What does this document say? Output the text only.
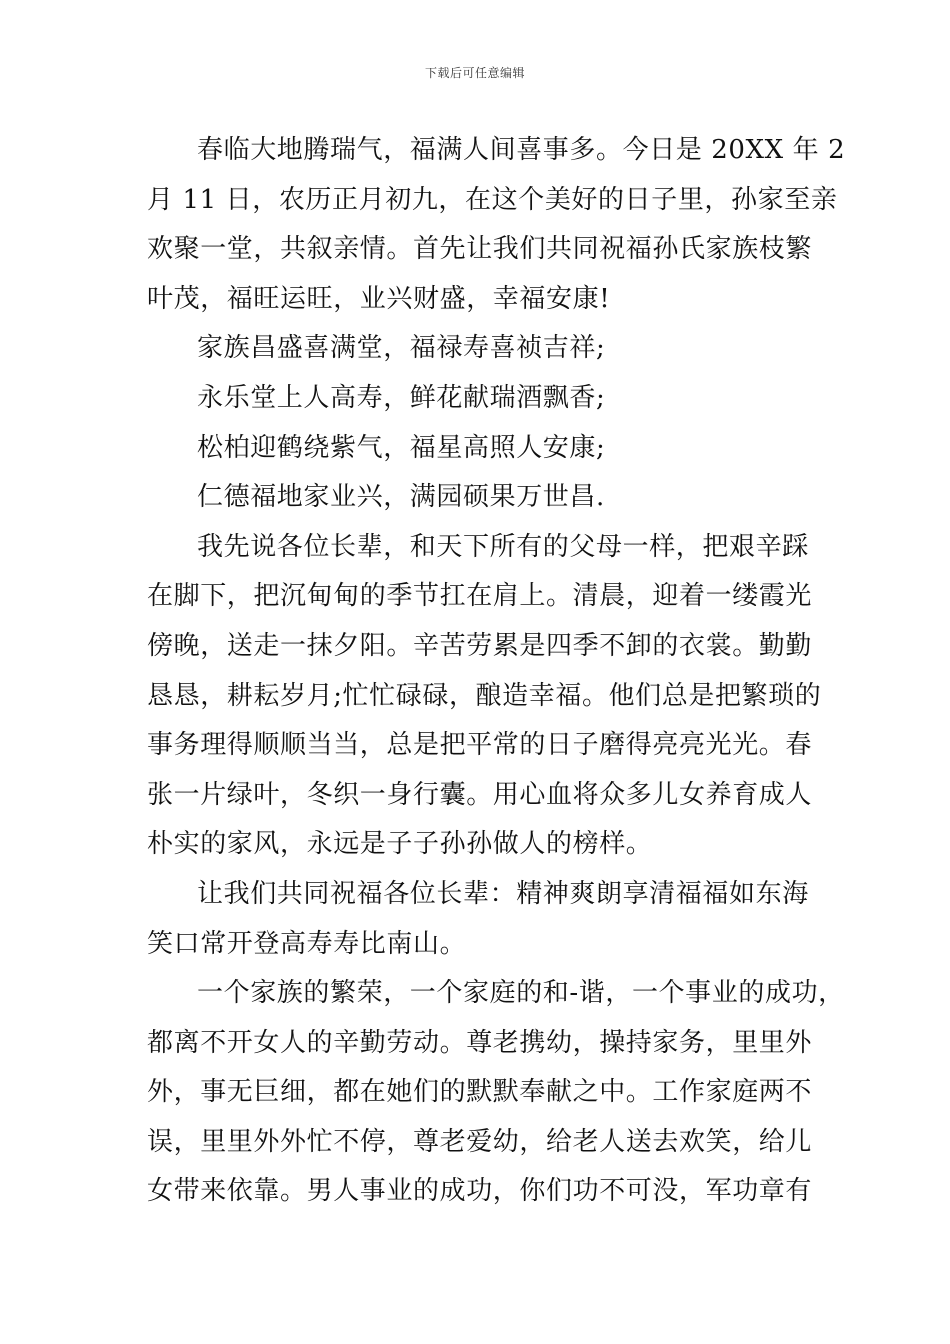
下载后可任意编辑
春临大地腾瑞气，福满人间喜事多。今日是 20XX 年 2
月 11 日，农历正月初九，在这个美好的日子里，孙家至亲
欢聚一堂，共叙亲情。首先让我们共同祝福孙氏家族枝繁
叶茂，福旺运旺，业兴财盛，幸福安康!
家族昌盛喜满堂，福禄寿喜祯吉祥;
永乐堂上人高寿，鲜花献瑞酒飘香;
松柏迎鹤绕紫气，福星高照人安康;
仁德福地家业兴，满园硕果万世昌.
我先说各位长辈，和天下所有的父母一样，把艰辛踩
在脚下，把沉甸甸的季节扛在肩上。清晨，迎着一缕霞光
傍晚，送走一抹夕阳。辛苦劳累是四季不卸的衣裳。勤勤
恳恳，耕耘岁月;忙忙碌碌，酿造幸福。他们总是把繁琐的
事务理得顺顺当当，总是把平常的日子磨得亮亮光光。春
张一片绿叶，冬织一身行囊。用心血将众多儿女养育成人
朴实的家风，永远是子子孙孙做人的榜样。
让我们共同祝福各位长辈：精神爽朗享清福福如东海
笑口常开登高寿寿比南山。
一个家族的繁荣，一个家庭的和-谐，一个事业的成功，
都离不开女人的辛勤劳动。尊老携幼，操持家务，里里外
外，事无巨细，都在她们的默默奉献之中。工作家庭两不
误，里里外外忙不停，尊老爱幼，给老人送去欢笑，给儿
女带来依靠。男人事业的成功，你们功不可没，军功章有
